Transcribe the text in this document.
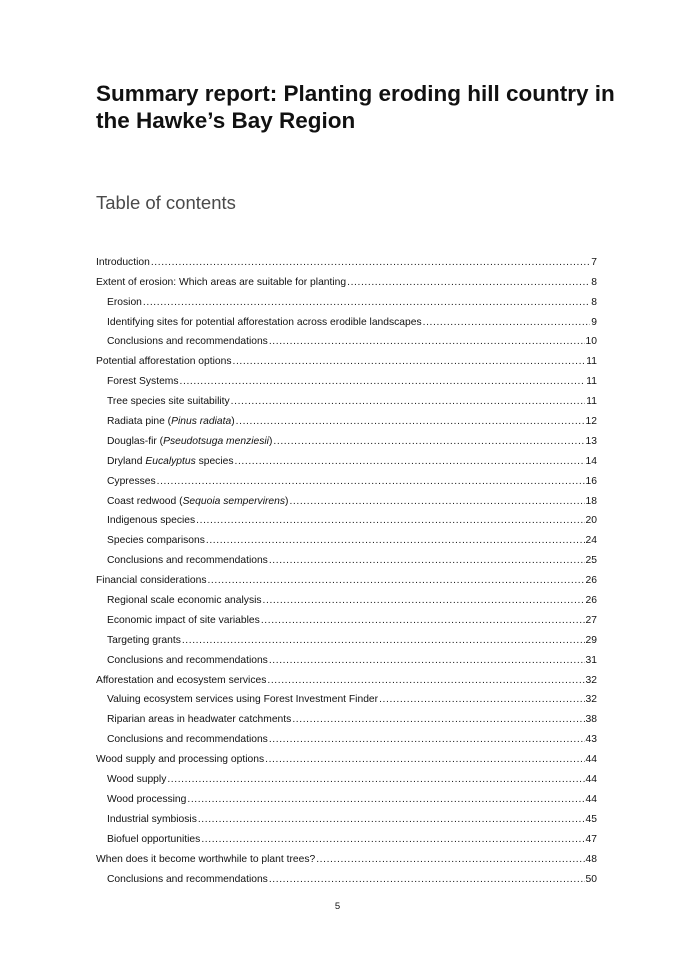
Summary report: Planting eroding hill country in the Hawke’s Bay Region
Table of contents
Introduction .....	7
Extent of erosion: Which areas are suitable for planting .....	8
Erosion .....	8
Identifying sites for potential afforestation across erodible landscapes .....	9
Conclusions and recommendations .....	10
Potential afforestation options .....	11
Forest Systems .....	11
Tree species site suitability .....	11
Radiata pine (Pinus radiata) .....	12
Douglas-fir (Pseudotsuga menziesii) .....	13
Dryland Eucalyptus species .....	14
Cypresses .....	16
Coast redwood (Sequoia sempervirens) .....	18
Indigenous species .....	20
Species comparisons .....	24
Conclusions and recommendations .....	25
Financial considerations .....	26
Regional scale economic analysis .....	26
Economic impact of site variables .....	27
Targeting grants .....	29
Conclusions and recommendations .....	31
Afforestation and ecosystem services .....	32
Valuing ecosystem services using Forest Investment Finder .....	32
Riparian areas in headwater catchments .....	38
Conclusions and recommendations .....	43
Wood supply and processing options .....	44
Wood supply .....	44
Wood processing .....	44
Industrial symbiosis .....	45
Biofuel opportunities .....	47
When does it become worthwhile to plant trees? .....	48
Conclusions and recommendations .....	50
5
